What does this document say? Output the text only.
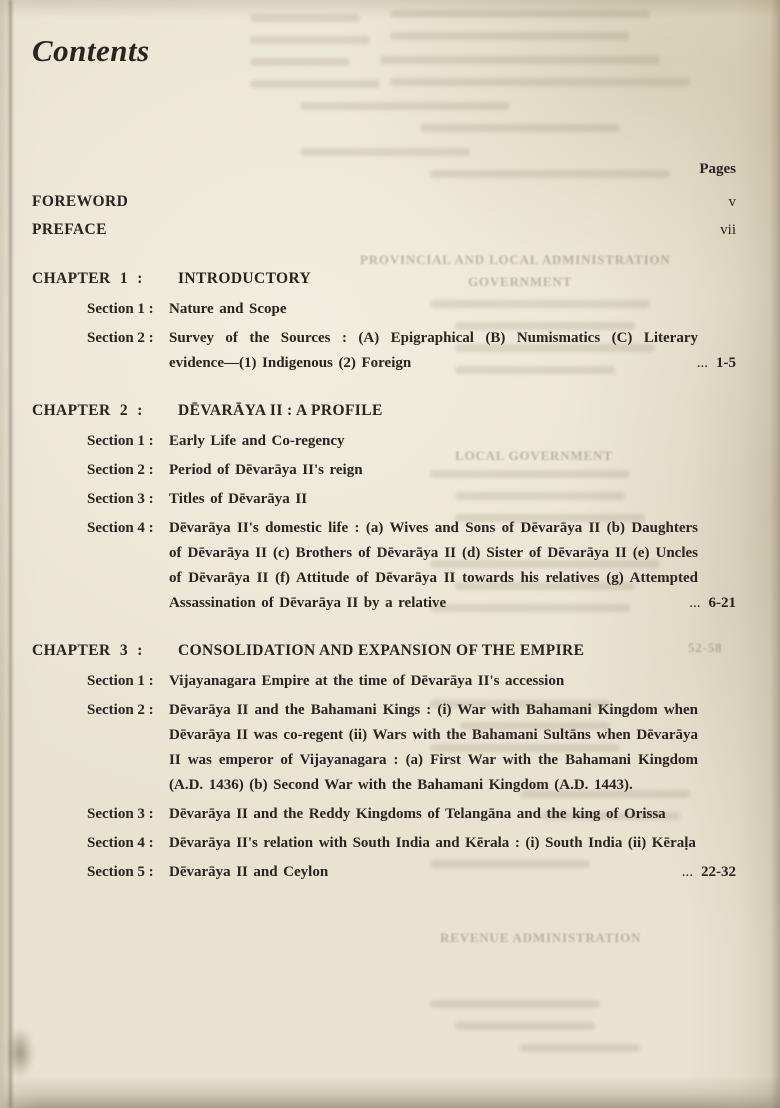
PROVINCIAL AND LOCAL ADMINISTRATION
GOVERNMENT
LOCAL GOVERNMENT
52-58
REVENUE ADMINISTRATION
Contents
Pages
FOREWORD	v
PREFACE	vii
CHAPTER 1 :	INTRODUCTORY
Section 1 :	Nature and Scope
Section 2 :	Survey of the Sources : (A) Epigraphical (B) Numismatics (C) Literary evidence—(1) Indigenous (2) Foreign	... 1-5
CHAPTER 2 :	DĒVARĀYA II : A PROFILE
Section 1 :	Early Life and Co-regency
Section 2 :	Period of Dēvarāya II's reign
Section 3 :	Titles of Dēvarāya II
Section 4 :	Dēvarāya II's domestic life : (a) Wives and Sons of Dēvarāya II (b) Daughters of Dēvarāya II (c) Brothers of Dēvarāya II (d) Sister of Dēvarāya II (e) Uncles of Dēvarāya II (f) Attitude of Dēvarāya II towards his relatives (g) Attempted Assassination of Dēvarāya II by a relative	... 6-21
CHAPTER 3 :	CONSOLIDATION AND EXPANSION OF THE EMPIRE
Section 1 :	Vijayanagara Empire at the time of Dēvarāya II's accession
Section 2 :	Dēvarāya II and the Bahamani Kings : (i) War with Bahamani Kingdom when Dēvarāya II was co-regent (ii) Wars with the Bahamani Sultāns when Dēvarāya II was emperor of Vijayanagara : (a) First War with the Bahamani Kingdom (A.D. 1436) (b) Second War with the Bahamani Kingdom (A.D. 1443).
Section 3 :	Dēvarāya II and the Reddy Kingdoms of Telangāna and the king of Orissa
Section 4 :	Dēvarāya II's relation with South India and Kērala : (i) South India (ii) Kēraḷa
Section 5 :	Dēvarāya II and Ceylon	... 22-32
